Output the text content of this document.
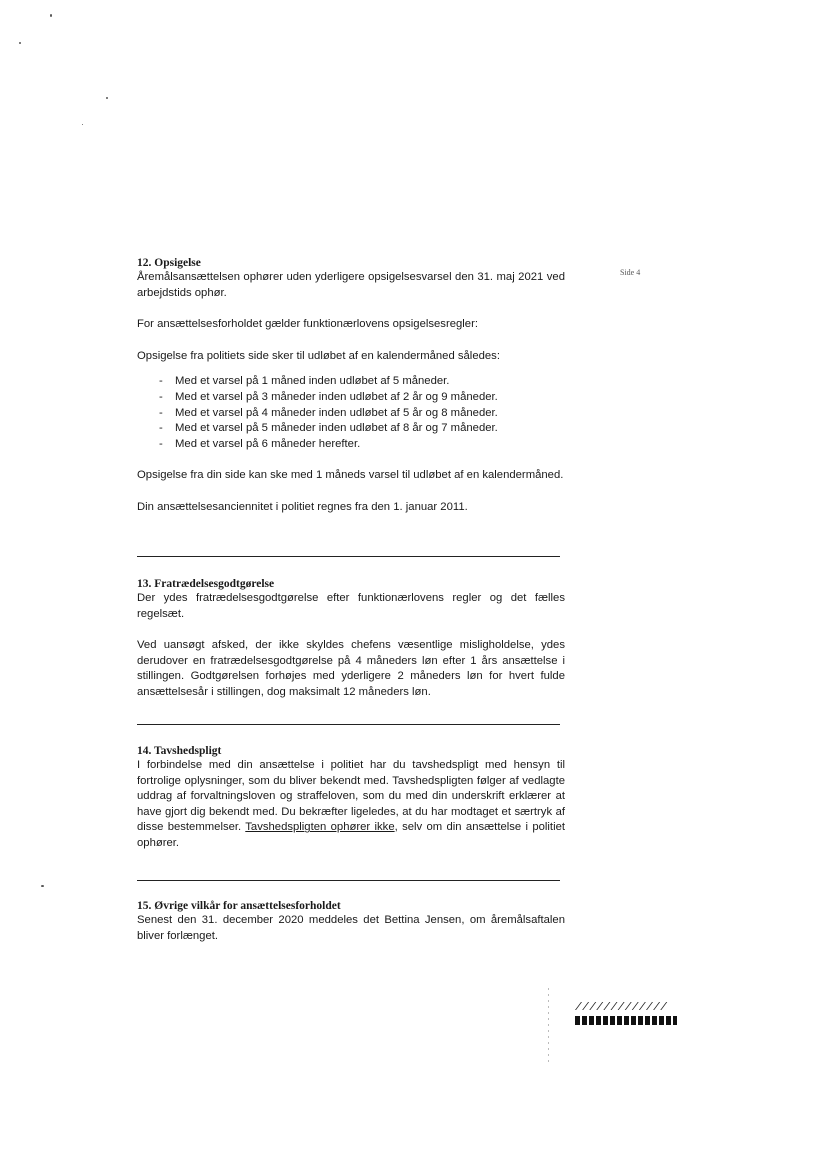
Side 4

12. Opsigelse

Åremålsansættelsen ophører uden yderligere opsigelsesvarsel den 31. maj 2021 ved arbejdstids ophør.

For ansættelsesforholdet gælder funktionærlovens opsigelsesregler:

Opsigelse fra politiets side sker til udløbet af en kalendermåned således:

- Med et varsel på 1 måned inden udløbet af 5 måneder.
- Med et varsel på 3 måneder inden udløbet af 2 år og 9 måneder.
- Med et varsel på 4 måneder inden udløbet af 5 år og 8 måneder.
- Med et varsel på 5 måneder inden udløbet af 8 år og 7 måneder.
- Med et varsel på 6 måneder herefter.

Opsigelse fra din side kan ske med 1 måneds varsel til udløbet af en kalendermåned.

Din ansættelsesanciennitet i politiet regnes fra den 1. januar 2011.

13. Fratrædelsesgodtgørelse

Der ydes fratrædelsesgodtgørelse efter funktionærlovens regler og det fælles regelsæt.

Ved uansøgt afsked, der ikke skyldes chefens væsentlige misligholdelse, ydes derudover en fratrædelsesgodtgørelse på 4 måneders løn efter 1 års ansættelse i stillingen. Godtgørelsen forhøjes med yderligere 2 måneders løn for hvert fulde ansættelsesår i stillingen, dog maksimalt 12 måneders løn.

14. Tavshedspligt

I forbindelse med din ansættelse i politiet har du tavshedspligt med hensyn til fortrolige oplysninger, som du bliver bekendt med. Tavshedspligten følger af vedlagte uddrag af forvaltningsloven og straffeloven, som du med din underskrift erklærer at have gjort dig bekendt med. Du bekræfter ligeledes, at du har modtaget et særtryk af disse bestemmelser. Tavshedspligten ophører ikke, selv om din ansættelse i politiet ophører.

15. Øvrige vilkår for ansættelsesforholdet

Senest den 31. december 2020 meddeles det Bettina Jensen, om åremålsaftalen bliver forlænget.

/////////////
